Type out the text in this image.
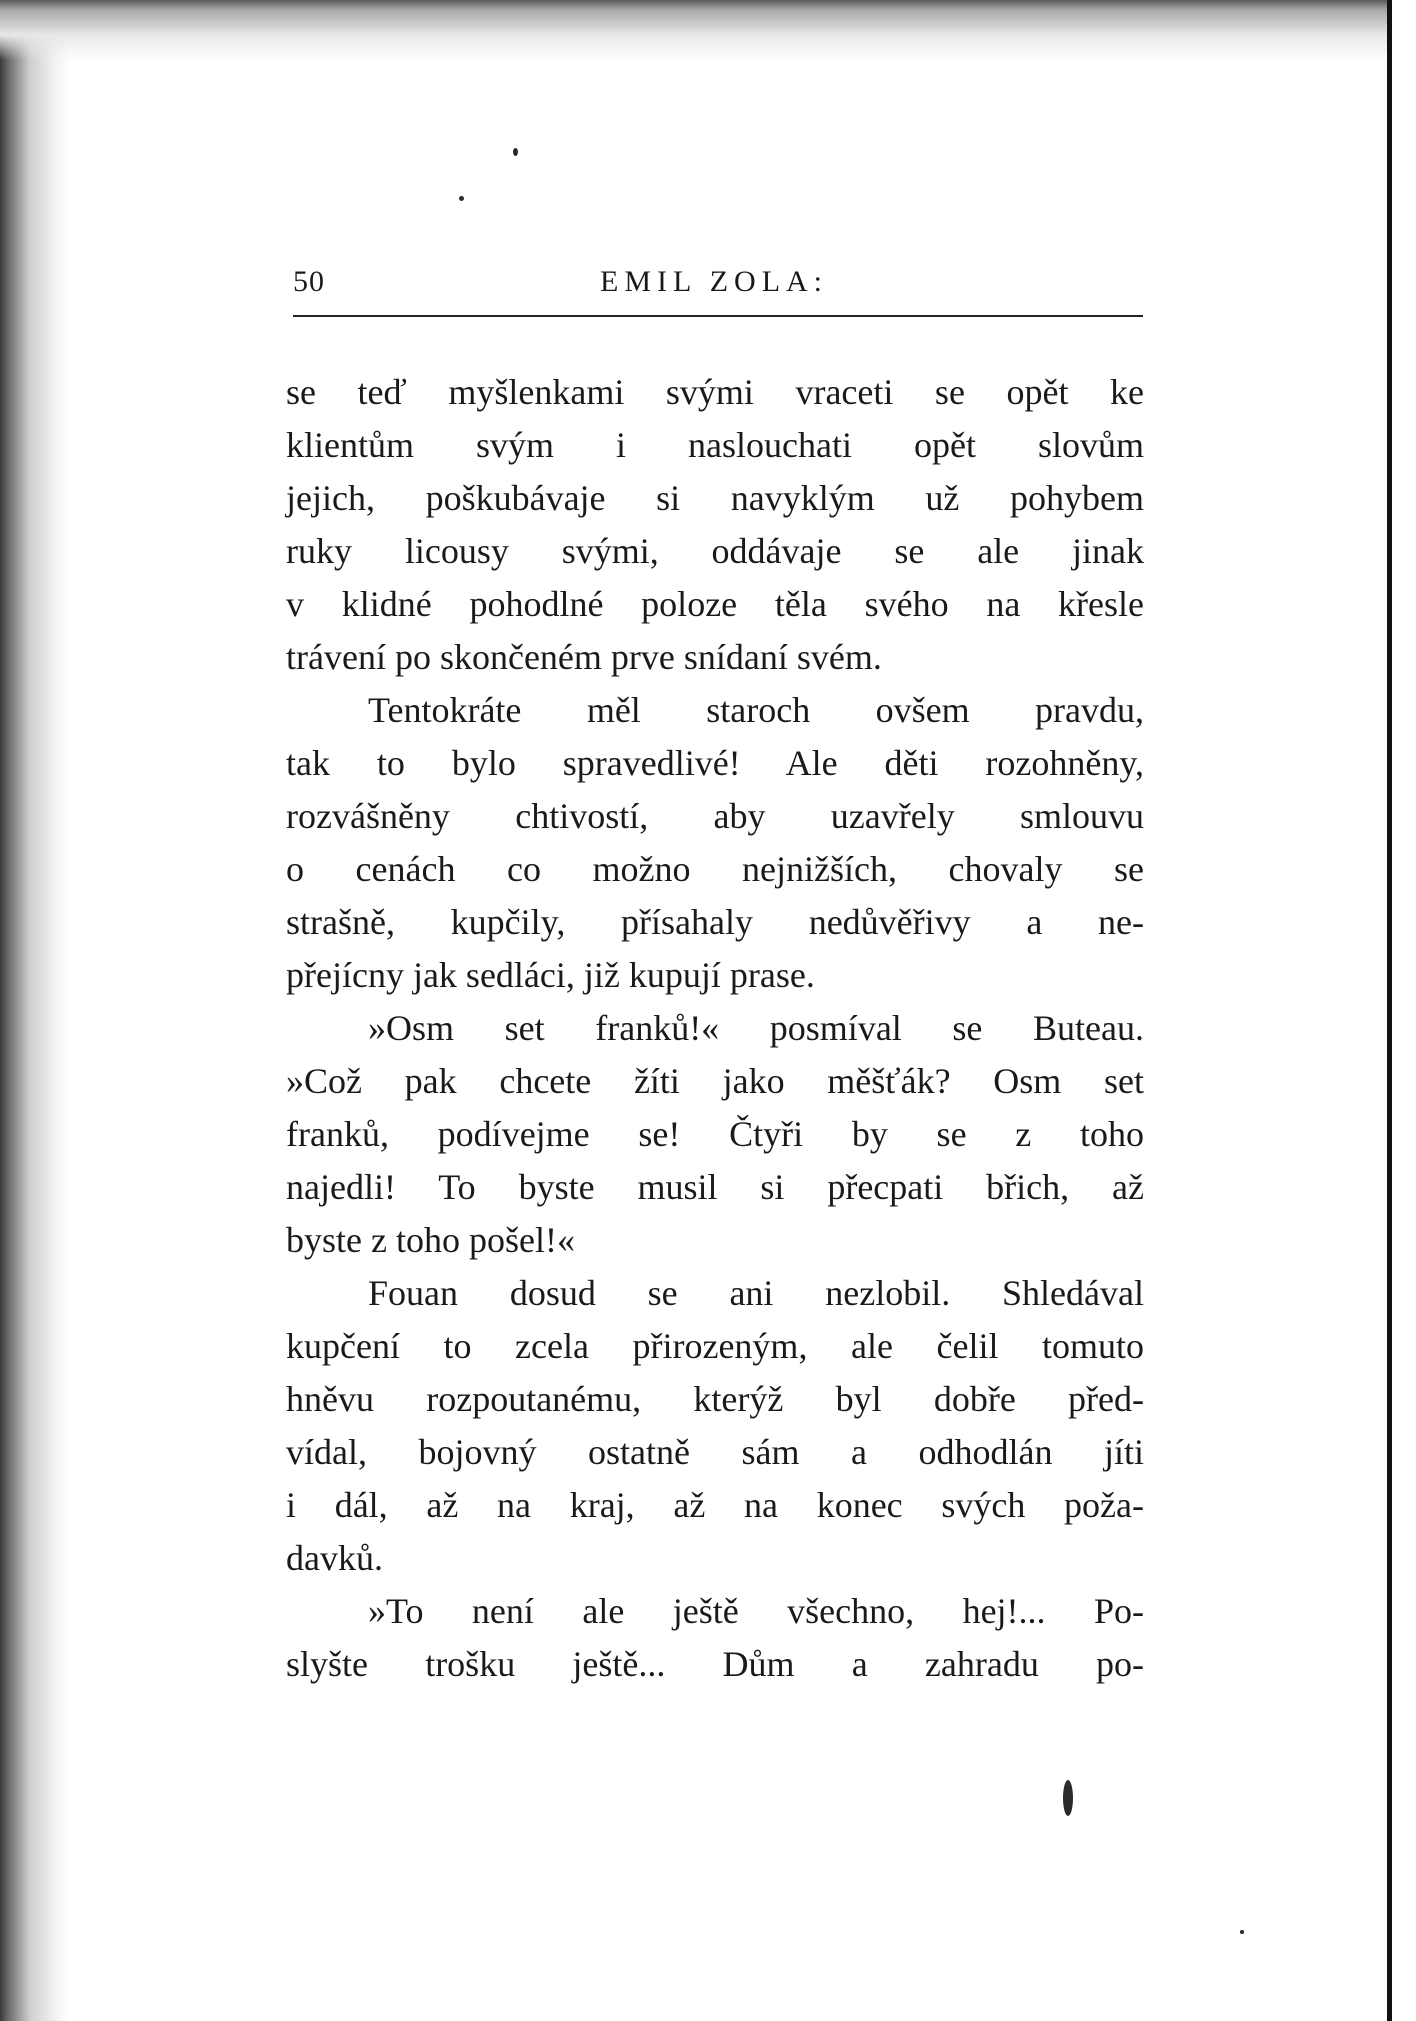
50	EMIL ZOLA:
se teď myšlenkami svými vraceti se opět ke
klientům svým i naslouchati opět slovům
jejich, poškubávaje si navyklým už pohybem
ruky licousy svými, oddávaje se ale jinak
v klidné pohodlné poloze těla svého na křesle
trávení po skončeném prve snídaní svém.
Tentokráte měl staroch ovšem pravdu,
tak to bylo spravedlivé! Ale děti rozohněny,
rozvášněny chtivostí, aby uzavřely smlouvu
o cenách co možno nejnižších, chovaly se
strašně, kupčily, přísahaly nedůvěřivy a ne-
přejícny jak sedláci, již kupují prase.
»Osm set franků!« posmíval se Buteau.
»Což pak chcete žíti jako měšťák? Osm set
franků, podívejme se! Čtyři by se z toho
najedli! To byste musil si přecpati břich, až
byste z toho pošel!«
Fouan dosud se ani nezlobil. Shledával
kupčení to zcela přirozeným, ale čelil tomuto
hněvu rozpoutanému, kterýž byl dobře před-
vídal, bojovný ostatně sám a odhodlán jíti
i dál, až na kraj, až na konec svých poža-
davků.
»To není ale ještě všechno, hej!... Po-
slyšte trošku ještě... Dům a zahradu po-
